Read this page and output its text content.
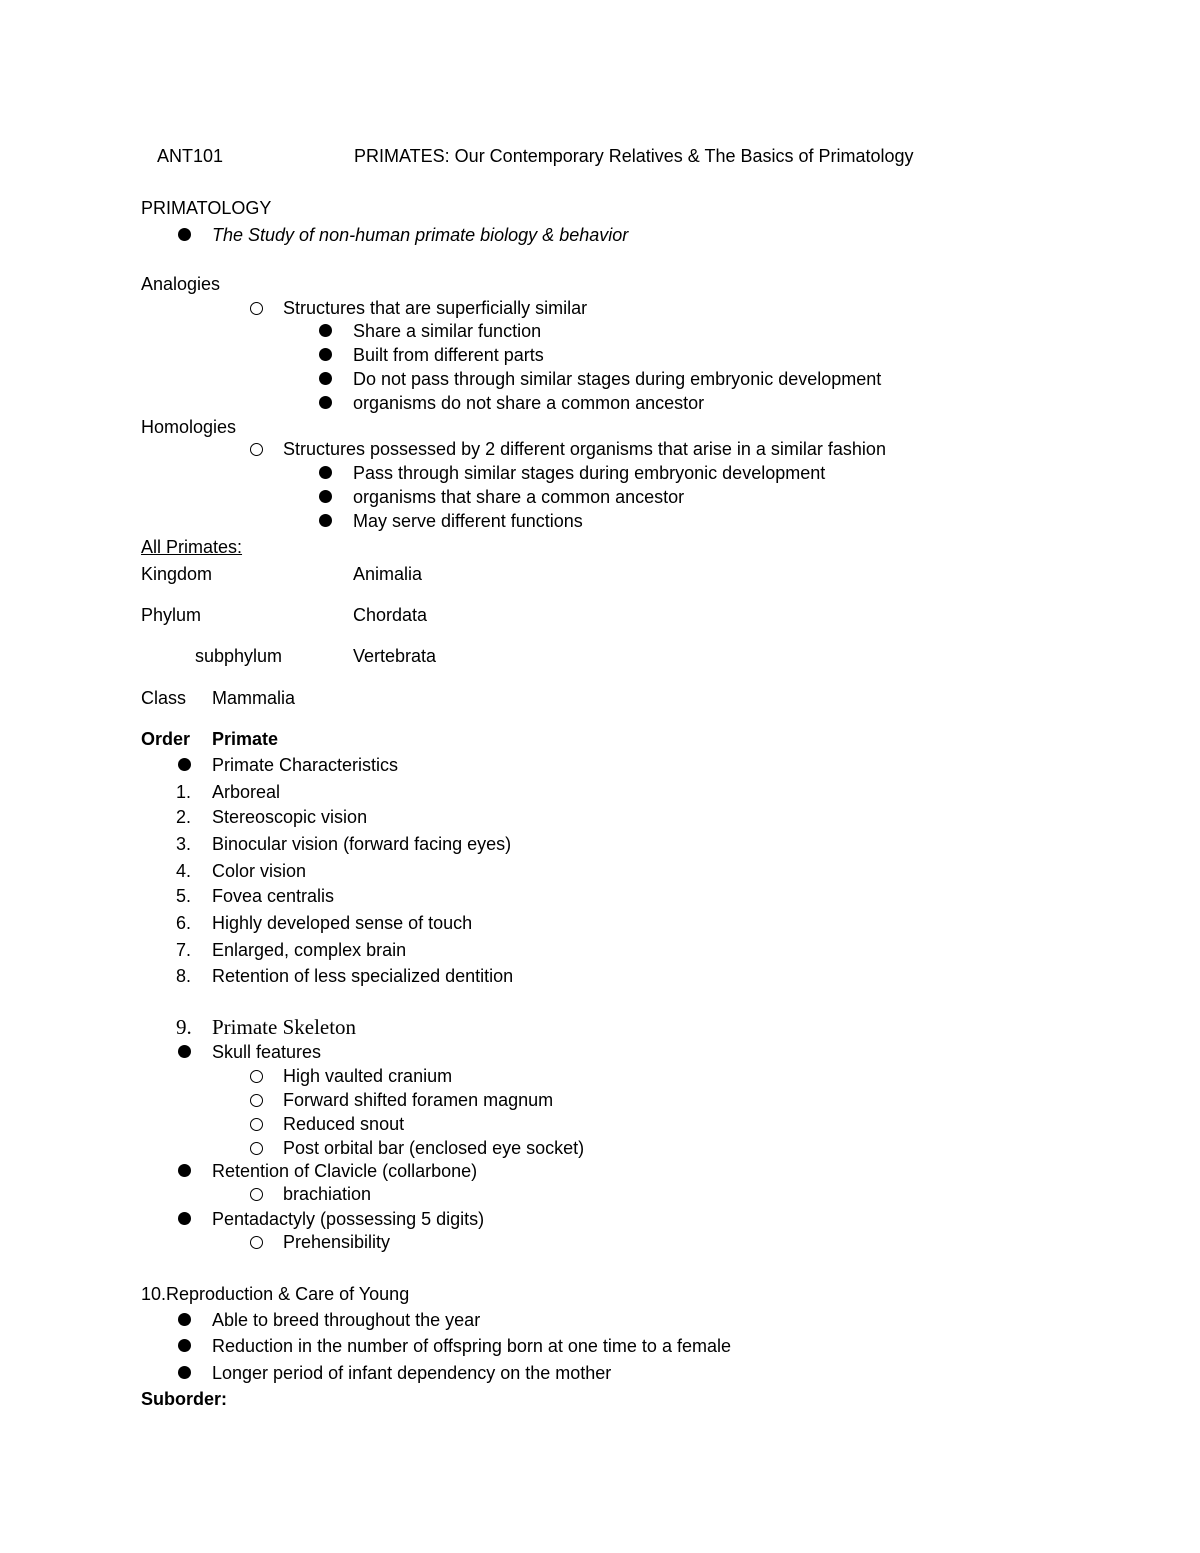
ANT101	PRIMATES: Our Contemporary Relatives & The Basics of Primatology
PRIMATOLOGY
The Study of non-human primate biology & behavior
Analogies
Structures that are superficially similar
Share a similar function
Built from different parts
Do not pass through similar stages during embryonic development
organisms do not share a common ancestor
Homologies
Structures possessed by 2 different organisms that arise in a similar fashion
Pass through similar stages during embryonic development
organisms that share a common ancestor
May serve different functions
All Primates:
Kingdom	Animalia
Phylum	Chordata
subphylum	Vertebrata
Class Mammalia
Order Primate
Primate Characteristics
1. Arboreal
2. Stereoscopic vision
3. Binocular vision (forward facing eyes)
4. Color vision
5. Fovea centralis
6. Highly developed sense of touch
7. Enlarged, complex brain
8. Retention of less specialized dentition
9. Primate Skeleton
Skull features
High vaulted cranium
Forward shifted foramen magnum
Reduced snout
Post orbital bar (enclosed eye socket)
Retention of Clavicle (collarbone)
brachiation
Pentadactyly (possessing 5 digits)
Prehensibility
10.Reproduction & Care of Young
Able to breed throughout the year
Reduction in the number of offspring born at one time to a female
Longer period of infant dependency on the mother
Suborder:
